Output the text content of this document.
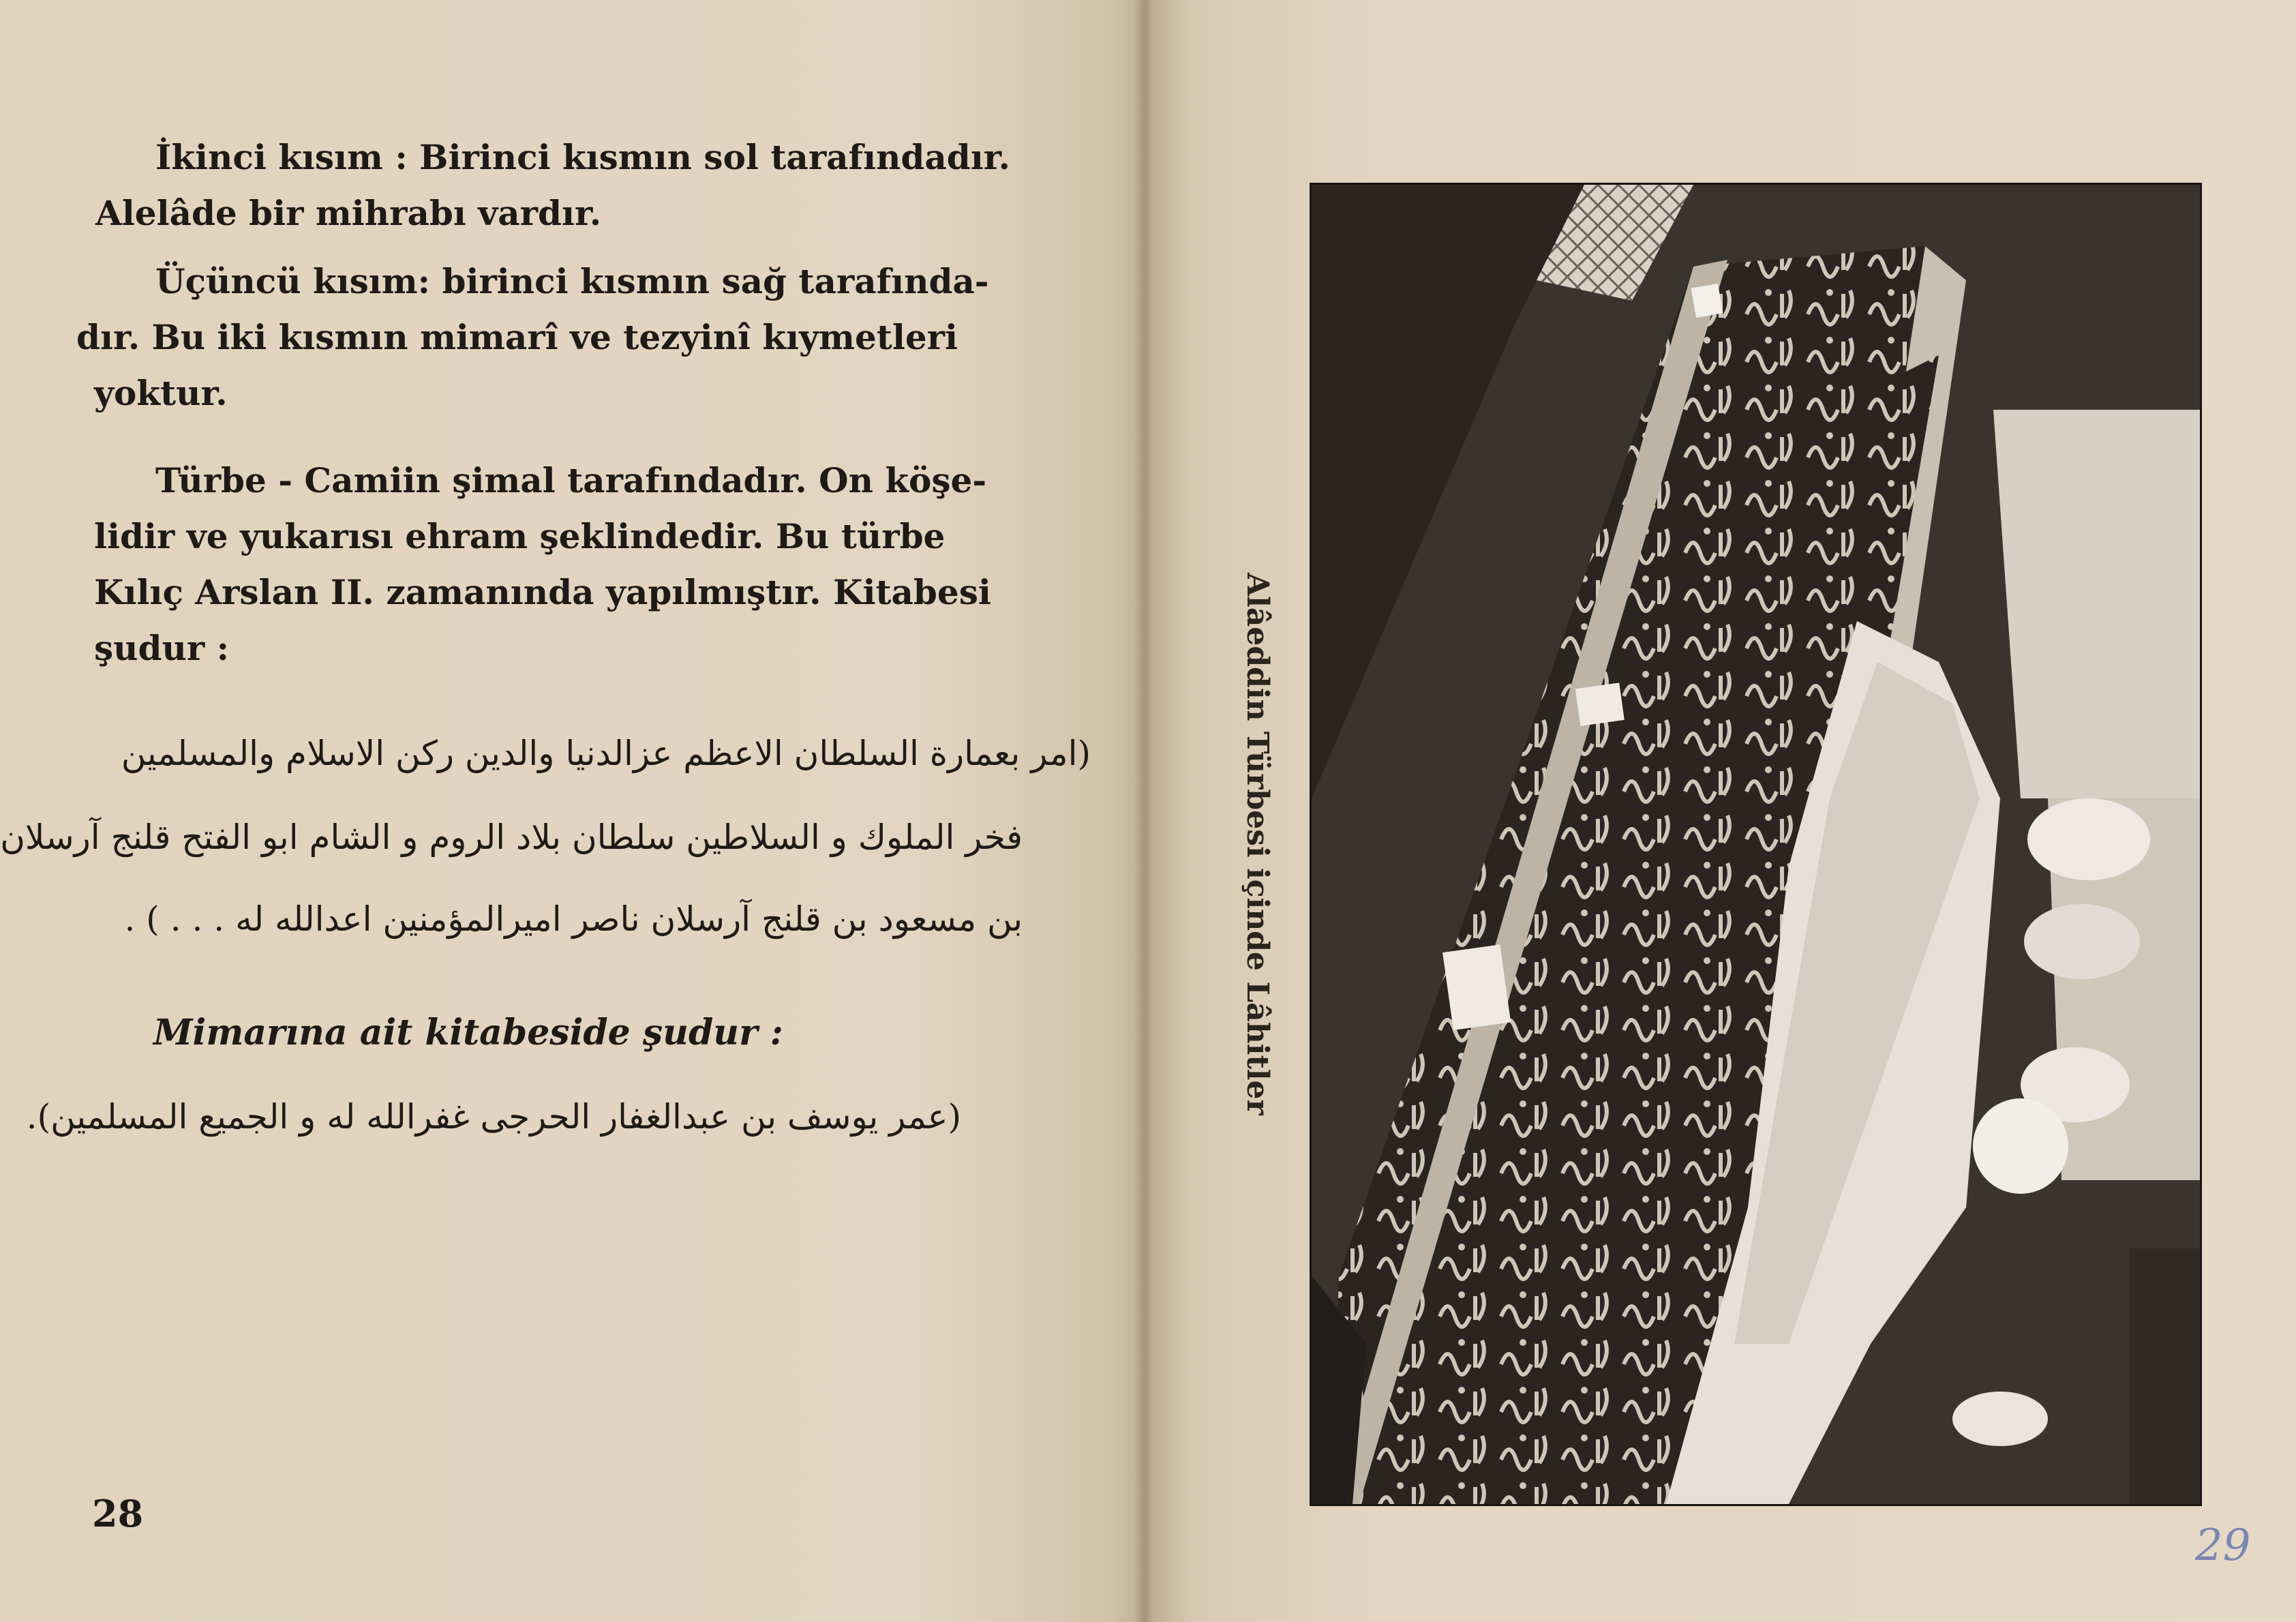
İkinci kısım : Birinci kısmın sol tarafındadır.
Alelâde bir mihrabı vardır.
Üçüncü kısım: birinci kısmın sağ tarafında-
dır. Bu iki kısmın mimarî ve tezyinî kıymetleri
yoktur.
Türbe - Camiin şimal tarafındadır. On köşe-
lidir ve yukarısı ehram şeklindedir. Bu türbe
Kılıç Arslan II. zamanında yapılmıştır. Kitabesi
şudur :
(امر بعمارة السلطان الاعظم عزالدنيا والدين ركن الاسلام والمسلمين
فخر الملوك و السلاطين سلطان بلاد الروم و الشام ابو الفتح قلنج آرسلان
بن مسعود بن قلنج آرسلان ناصر اميرالمؤمنين اعدالله له . . . ) .
Mimarına ait kitabeside şudur :
(عمر يوسف بن عبدالغفار الحرجى غفرالله له و الجميع المسلمين).
28
Alâeddin Türbesi içinde Lâhitler
29
